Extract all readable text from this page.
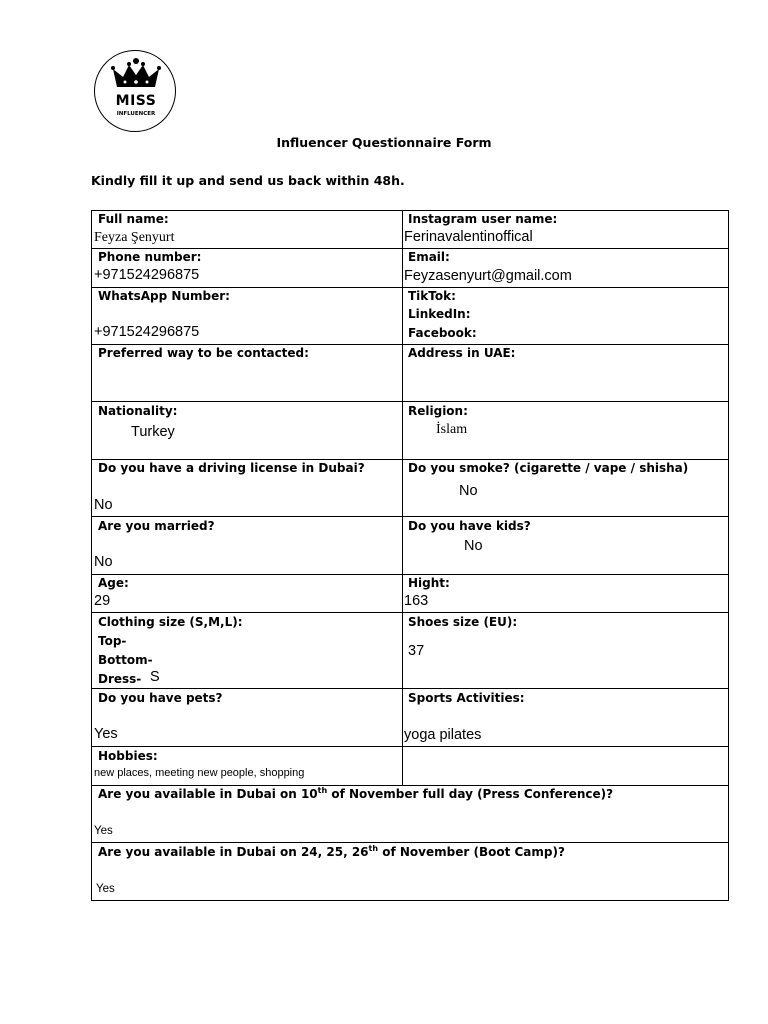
MISS
INFLUENCER
Influencer Questionnaire Form
Kindly fill it up and send us back within 48h.
Full name:
Feyza Şenyurt
Instagram user name:
Ferinavalentinoffical
Phone number:
+971524296875
Email:
Feyzasenyurt@gmail.com
WhatsApp Number:
+971524296875
TikTok:
LinkedIn:
Facebook:
Preferred way to be contacted:	Address in UAE:
Nationality:
Turkey
Religion:
İslam
Do you have a driving license in Dubai?
No
Do you smoke? (cigarette / vape / shisha)
No
Are you married?
No
Do you have kids?
No
Age:
29
Hight:
163
Clothing size (S,M,L):
Top-
Bottom-
Dress- S
Shoes size (EU):
37
Do you have pets?
Yes
Sports Activities:
yoga pilates
Hobbies:
new places, meeting new people, shopping
Are you available in Dubai on 10th of November full day (Press Conference)?
Yes
Are you available in Dubai on 24, 25, 26th of November (Boot Camp)?
Yes
